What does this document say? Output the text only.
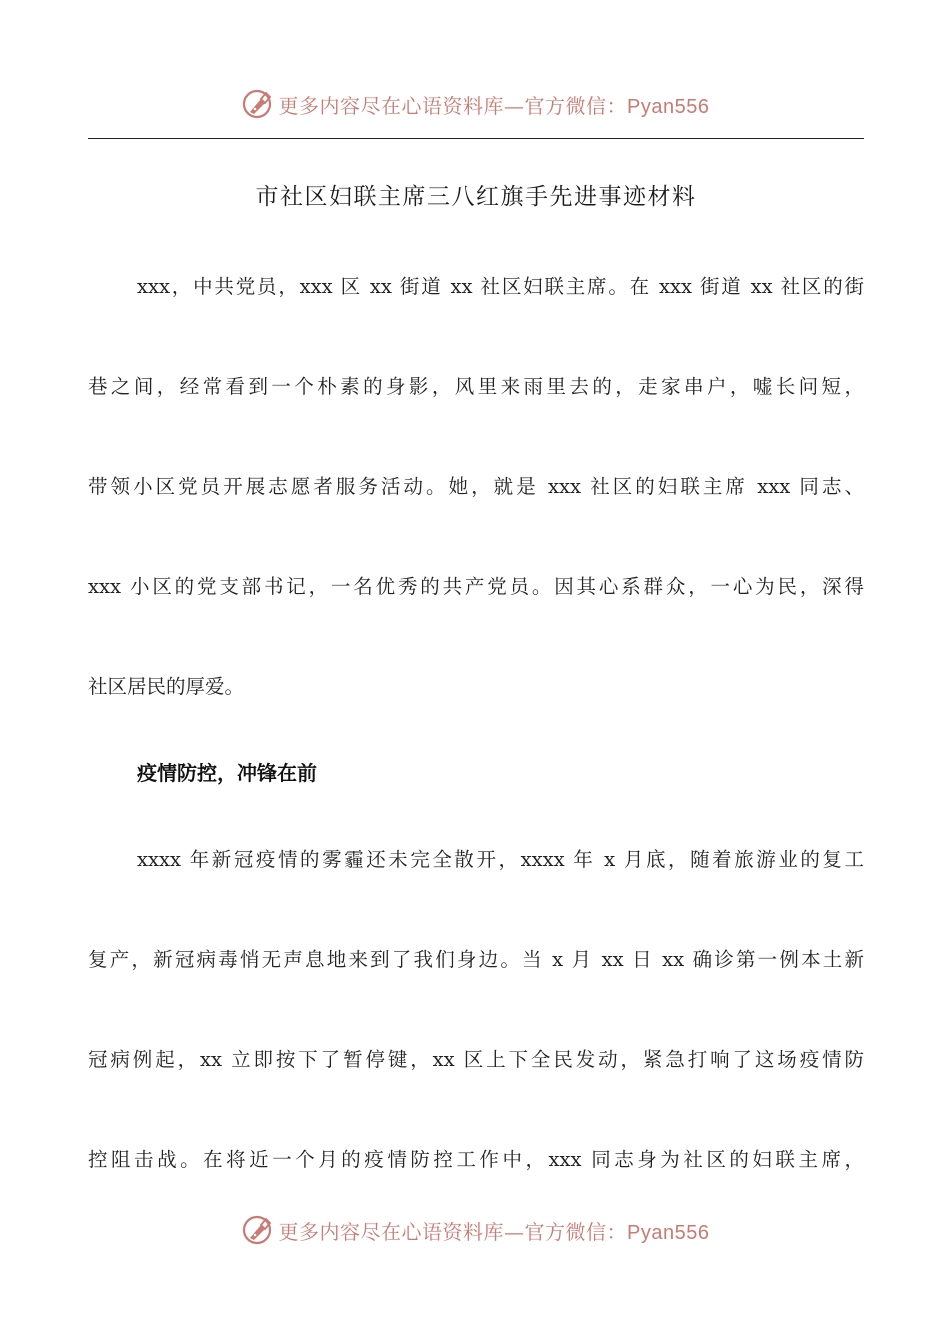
更多内容尽在心语资料库—官方微信：Pyan556
市社区妇联主席三八红旗手先进事迹材料
xxx，中共党员，xxx 区 xx 街道 xx 社区妇联主席。在 xxx 街道 xx 社区的街
巷之间，经常看到一个朴素的身影，风里来雨里去的，走家串户，嘘长问短，
带领小区党员开展志愿者服务活动。她，就是 xxx 社区的妇联主席 xxx 同志、
xxx 小区的党支部书记，一名优秀的共产党员。因其心系群众，一心为民，深得
社区居民的厚爱。
疫情防控，冲锋在前
xxxx 年新冠疫情的雾霾还未完全散开，xxxx 年 x 月底，随着旅游业的复工
复产，新冠病毒悄无声息地来到了我们身边。当 x 月 xx 日 xx 确诊第一例本土新
冠病例起，xx 立即按下了暂停键，xx 区上下全民发动，紧急打响了这场疫情防
控阻击战。在将近一个月的疫情防控工作中，xxx 同志身为社区的妇联主席，
更多内容尽在心语资料库—官方微信：Pyan556
